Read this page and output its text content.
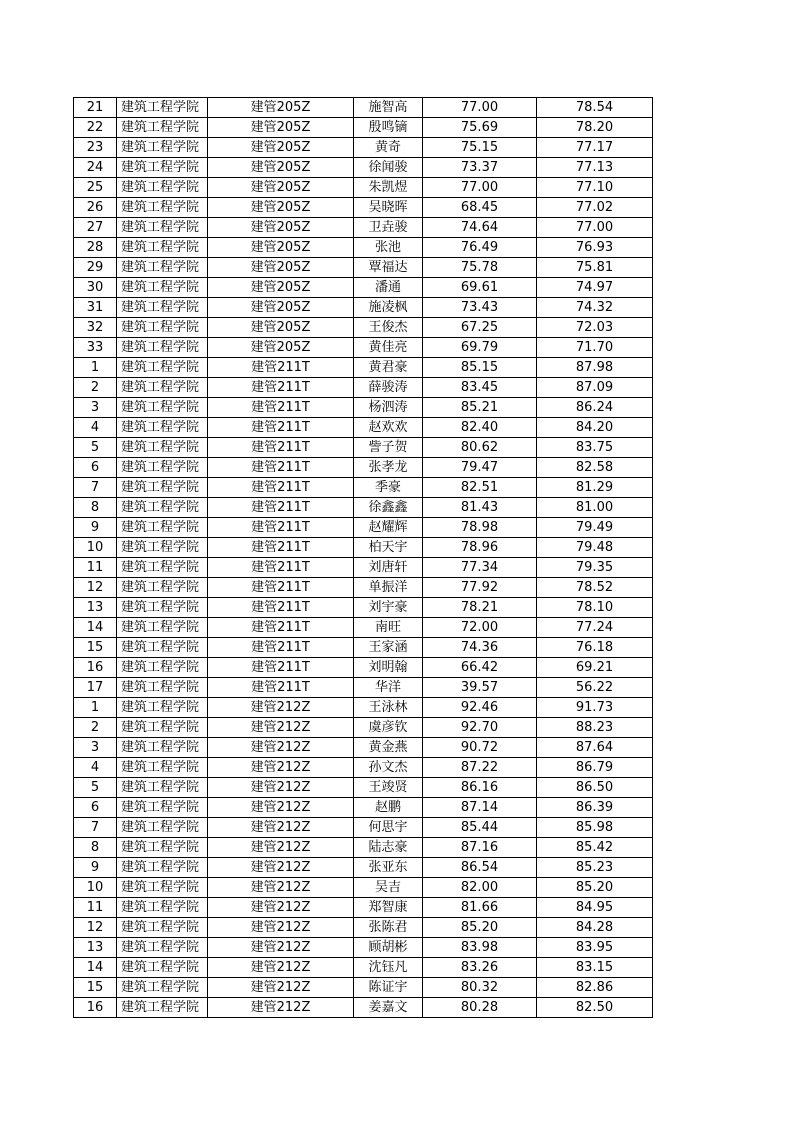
21	建筑工程学院	建管205Z	施智高	77.00	78.54
22	建筑工程学院	建管205Z	殷鸣镝	75.69	78.20
23	建筑工程学院	建管205Z	黄奇	75.15	77.17
24	建筑工程学院	建管205Z	徐闻骏	73.37	77.13
25	建筑工程学院	建管205Z	朱凯煜	77.00	77.10
26	建筑工程学院	建管205Z	吴晓晖	68.45	77.02
27	建筑工程学院	建管205Z	卫垚骏	74.64	77.00
28	建筑工程学院	建管205Z	张池	76.49	76.93
29	建筑工程学院	建管205Z	覃福达	75.78	75.81
30	建筑工程学院	建管205Z	潘通	69.61	74.97
31	建筑工程学院	建管205Z	施凌枫	73.43	74.32
32	建筑工程学院	建管205Z	王俊杰	67.25	72.03
33	建筑工程学院	建管205Z	黄佳亮	69.79	71.70
1	建筑工程学院	建管211T	黄君豪	85.15	87.98
2	建筑工程学院	建管211T	薛骏涛	83.45	87.09
3	建筑工程学院	建管211T	杨泗涛	85.21	86.24
4	建筑工程学院	建管211T	赵欢欢	82.40	84.20
5	建筑工程学院	建管211T	訾子贺	80.62	83.75
6	建筑工程学院	建管211T	张孝龙	79.47	82.58
7	建筑工程学院	建管211T	季豪	82.51	81.29
8	建筑工程学院	建管211T	徐鑫鑫	81.43	81.00
9	建筑工程学院	建管211T	赵耀辉	78.98	79.49
10	建筑工程学院	建管211T	柏天宇	78.96	79.48
11	建筑工程学院	建管211T	刘唐轩	77.34	79.35
12	建筑工程学院	建管211T	单振洋	77.92	78.52
13	建筑工程学院	建管211T	刘宇豪	78.21	78.10
14	建筑工程学院	建管211T	南旺	72.00	77.24
15	建筑工程学院	建管211T	王家涵	74.36	76.18
16	建筑工程学院	建管211T	刘明翰	66.42	69.21
17	建筑工程学院	建管211T	华洋	39.57	56.22
1	建筑工程学院	建管212Z	王泳林	92.46	91.73
2	建筑工程学院	建管212Z	虞彦钦	92.70	88.23
3	建筑工程学院	建管212Z	黄金燕	90.72	87.64
4	建筑工程学院	建管212Z	孙文杰	87.22	86.79
5	建筑工程学院	建管212Z	王竣贤	86.16	86.50
6	建筑工程学院	建管212Z	赵鹏	87.14	86.39
7	建筑工程学院	建管212Z	何思宇	85.44	85.98
8	建筑工程学院	建管212Z	陆志豪	87.16	85.42
9	建筑工程学院	建管212Z	张亚东	86.54	85.23
10	建筑工程学院	建管212Z	吴吉	82.00	85.20
11	建筑工程学院	建管212Z	郑智康	81.66	84.95
12	建筑工程学院	建管212Z	张陈君	85.20	84.28
13	建筑工程学院	建管212Z	顾胡彬	83.98	83.95
14	建筑工程学院	建管212Z	沈钰凡	83.26	83.15
15	建筑工程学院	建管212Z	陈证宇	80.32	82.86
16	建筑工程学院	建管212Z	姜嘉文	80.28	82.50
